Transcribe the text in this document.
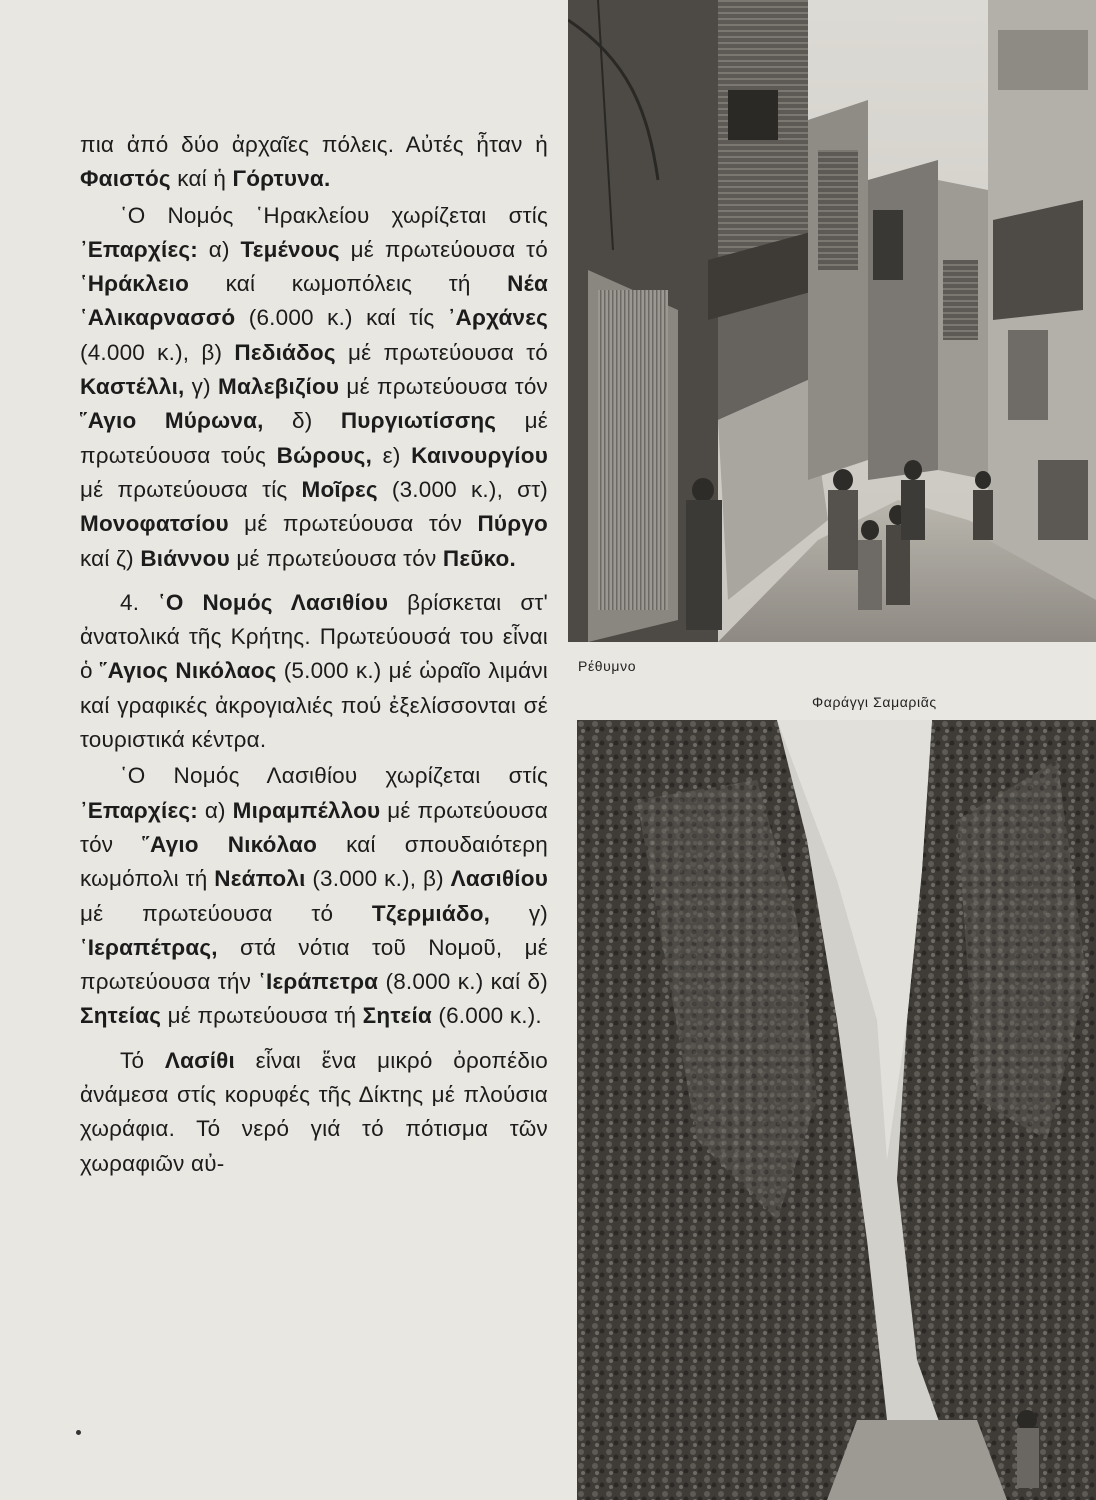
πια ἀπό δύο ἀρχαῖες πόλεις. Αὐτές ἦταν ἡ Φαιστός καί ἡ Γόρτυνα.

῾Ο Νομός ῾Ηρακλείου χωρίζεται στίς ᾿Επαρχίες: α) Τεμένους μέ πρωτεύουσα τό ῾Ηράκλειο καί κωμοπόλεις τή Νέα ῾Αλικαρνασσό (6.000 κ.) καί τίς ᾿Αρχάνες (4.000 κ.), β) Πεδιάδος μέ πρωτεύουσα τό Καστέλλι, γ) Μαλεβιζίου μέ πρωτεύουσα τόν ῞Αγιο Μύρωνα, δ) Πυργιωτίσσης μέ πρωτεύουσα τούς Βώρους, ε) Καινουργίου μέ πρωτεύουσα τίς Μοῖρες (3.000 κ.), στ) Μονοφατσίου μέ πρωτεύουσα τόν Πύργο καί ζ) Βιάννου μέ πρωτεύουσα τόν Πεῦκο.

4. ῾Ο Νομός Λασιθίου βρίσκεται στ' ἀνατολικά τῆς Κρήτης. Πρωτεύουσά του εἶναι ὁ ῞Αγιος Νικόλαος (5.000 κ.) μέ ὡραῖο λιμάνι καί γραφικές ἀκρογιαλιές πού ἐξελίσσονται σέ τουριστικά κέντρα.

῾Ο Νομός Λασιθίου χωρίζεται στίς ᾿Επαρχίες: α) Μιραμπέλλου μέ πρωτεύουσα τόν ῞Αγιο Νικόλαο καί σπουδαιότερη κωμόπολι τή Νεάπολι (3.000 κ.), β) Λασιθίου μέ πρωτεύουσα τό Τζερμιάδο, γ) ῾Ιεραπέτρας, στά νότια τοῦ Νομοῦ, μέ πρωτεύουσα τήν ῾Ιεράπετρα (8.000 κ.) καί δ) Σητείας μέ πρωτεύουσα τή Σητεία (6.000 κ.).

Τό Λασίθι εἶναι ἕνα μικρό ὀροπέδιο ἀνάμεσα στίς κορυφές τῆς Δίκτης μέ πλούσια χωράφια. Τό νερό γιά τό πότισμα τῶν χωραφιῶν αὐ-

Ρέθυμνο
Φαράγγι Σαμαριᾶς
